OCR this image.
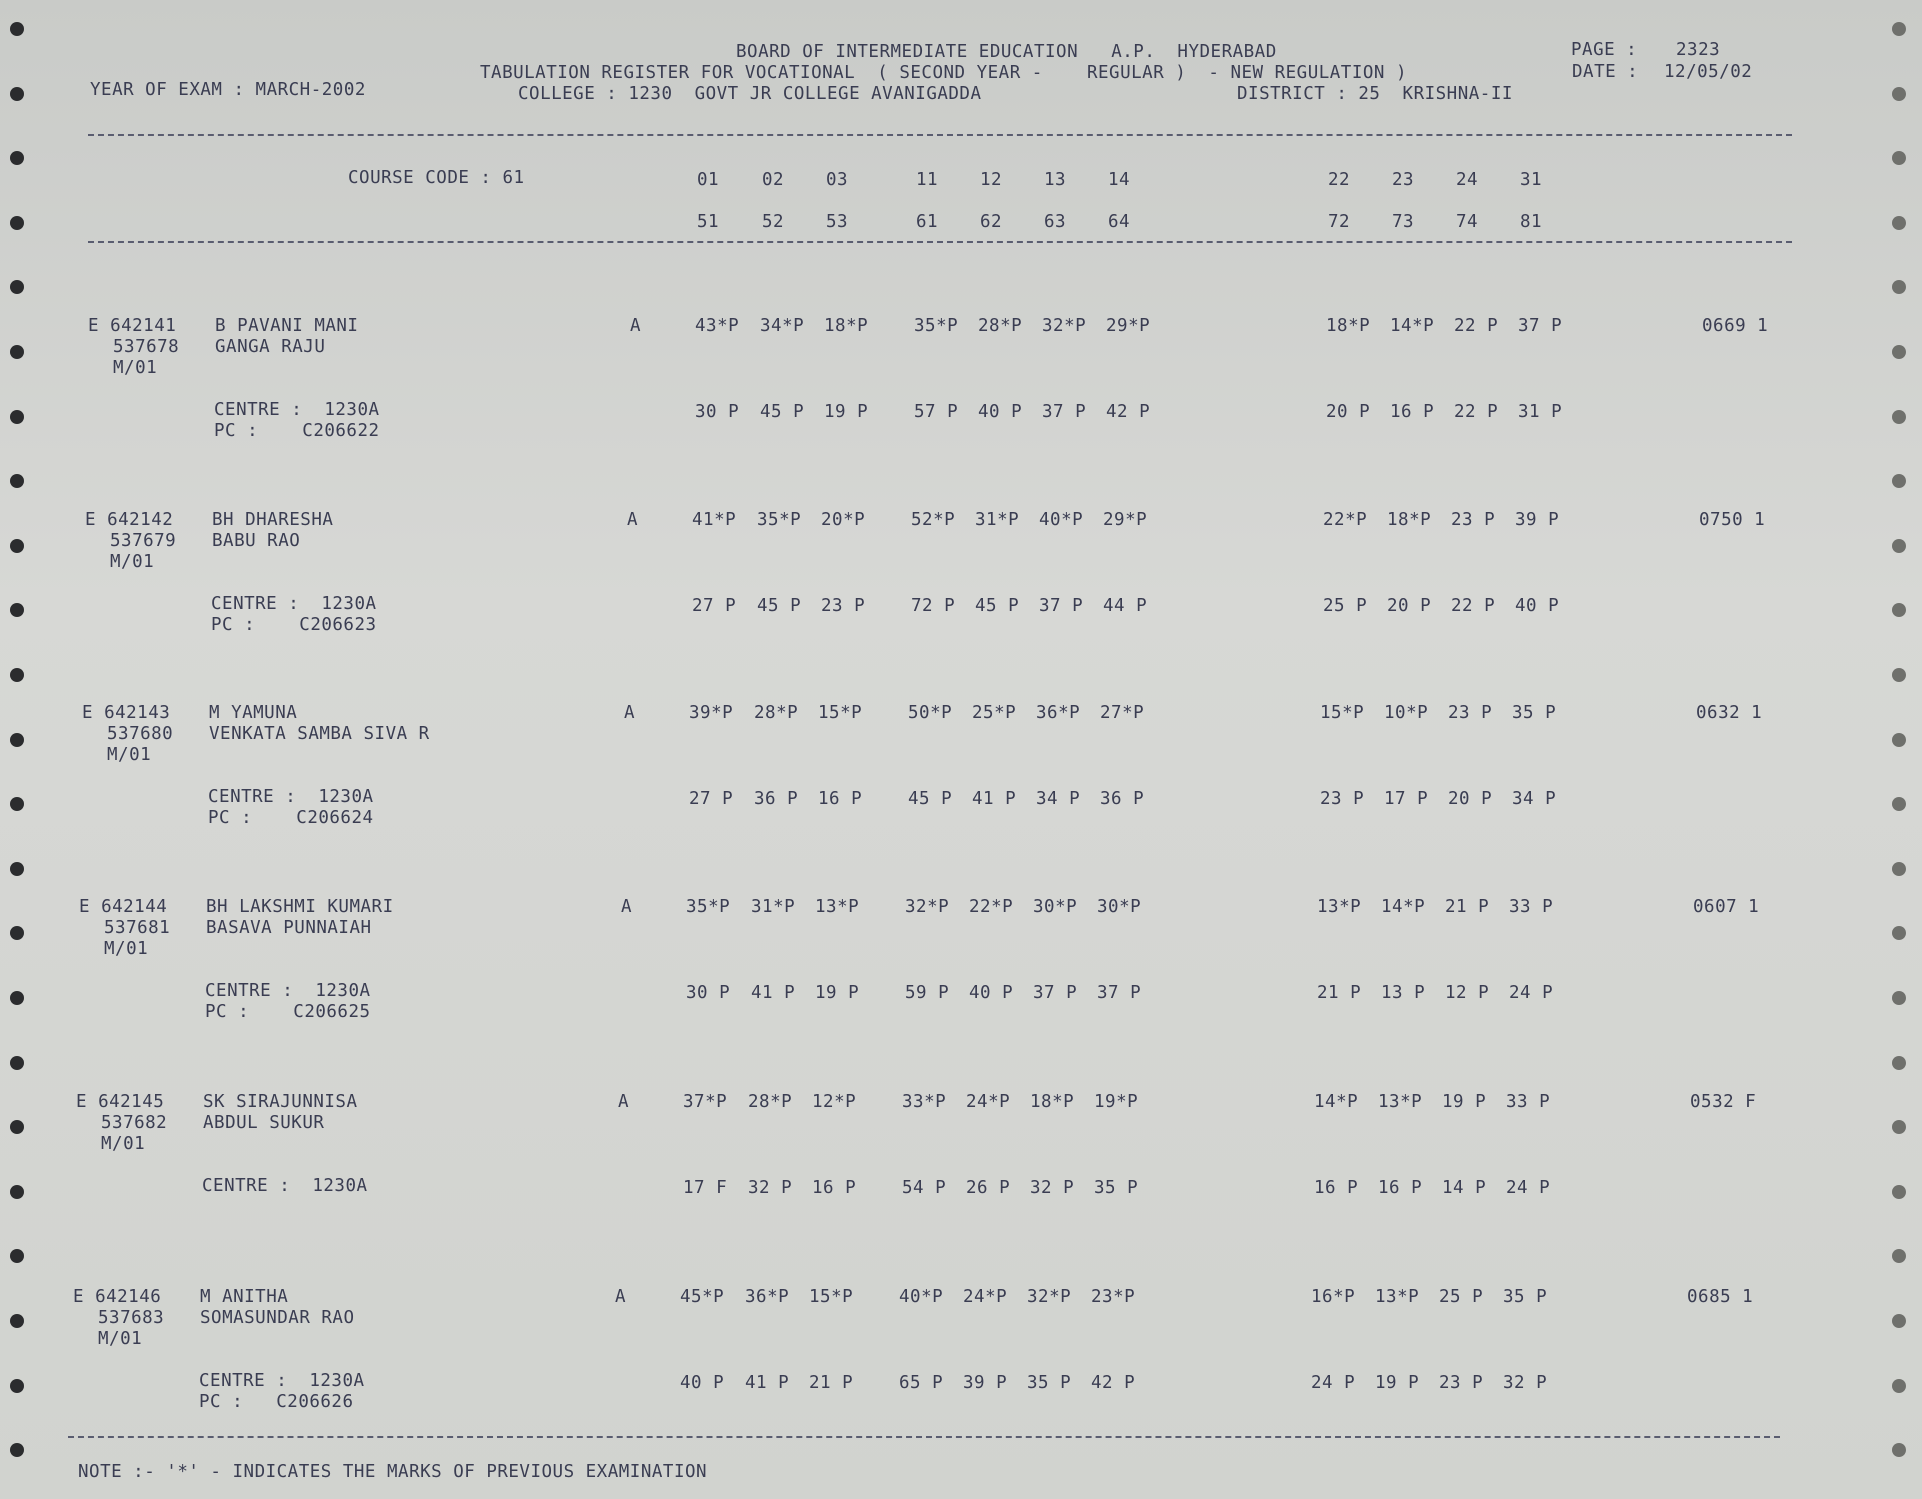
BOARD OF INTERMEDIATE EDUCATION   A.P.  HYDERABAD	PAGE : 2323
YEAR OF EXAM : MARCH-2002
TABULATION REGISTER FOR VOCATIONAL  ( SECOND YEAR -    REGULAR )  - NEW REGULATION )	DATE : 12/05/02
COLLEGE : 1230  GOVT JR COLLEGE AVANIGADDA	DISTRICT : 25  KRISHNA-II
COURSE CODE : 61	01 02 03	11 12 13 14	22 23 24 31
51 52 53	61 62 63 64	72 73 74 81
E 642141
537678
M/01
B PAVANI MANI
GANGA RAJU
A	43*P 34*P 18*P	35*P 28*P 32*P 29*P	18*P 14*P 22 P 37 P	0669 1
CENTRE :  1230A
PC :    C206622
30 P 45 P 19 P	57 P 40 P 37 P 42 P	20 P 16 P 22 P 31 P
E 642142
537679
M/01
BH DHARESHA
BABU RAO
A	41*P 35*P 20*P	52*P 31*P 40*P 29*P	22*P 18*P 23 P 39 P	0750 1
CENTRE :  1230A
PC :    C206623
27 P 45 P 23 P	72 P 45 P 37 P 44 P	25 P 20 P 22 P 40 P
E 642143
537680
M/01
M YAMUNA
VENKATA SAMBA SIVA R
A	39*P 28*P 15*P	50*P 25*P 36*P 27*P	15*P 10*P 23 P 35 P	0632 1
CENTRE :  1230A
PC :    C206624
27 P 36 P 16 P	45 P 41 P 34 P 36 P	23 P 17 P 20 P 34 P
E 642144
537681
M/01
BH LAKSHMI KUMARI
BASAVA PUNNAIAH
A	35*P 31*P 13*P	32*P 22*P 30*P 30*P	13*P 14*P 21 P 33 P	0607 1
CENTRE :  1230A
PC :    C206625
30 P 41 P 19 P	59 P 40 P 37 P 37 P	21 P 13 P 12 P 24 P
E 642145
537682
M/01
SK SIRAJUNNISA
ABDUL SUKUR
A	37*P 28*P 12*P	33*P 24*P 18*P 19*P	14*P 13*P 19 P 33 P	0532 F
CENTRE :  1230A	17 F 32 P 16 P	54 P 26 P 32 P 35 P	16 P 16 P 14 P 24 P
E 642146
537683
M/01
M ANITHA
SOMASUNDAR RAO
A	45*P 36*P 15*P	40*P 24*P 32*P 23*P	16*P 13*P 25 P 35 P	0685 1
CENTRE :  1230A
PC :   C206626
40 P 41 P 21 P	65 P 39 P 35 P 42 P	24 P 19 P 23 P 32 P
NOTE :- '*' - INDICATES THE MARKS OF PREVIOUS EXAMINATION
